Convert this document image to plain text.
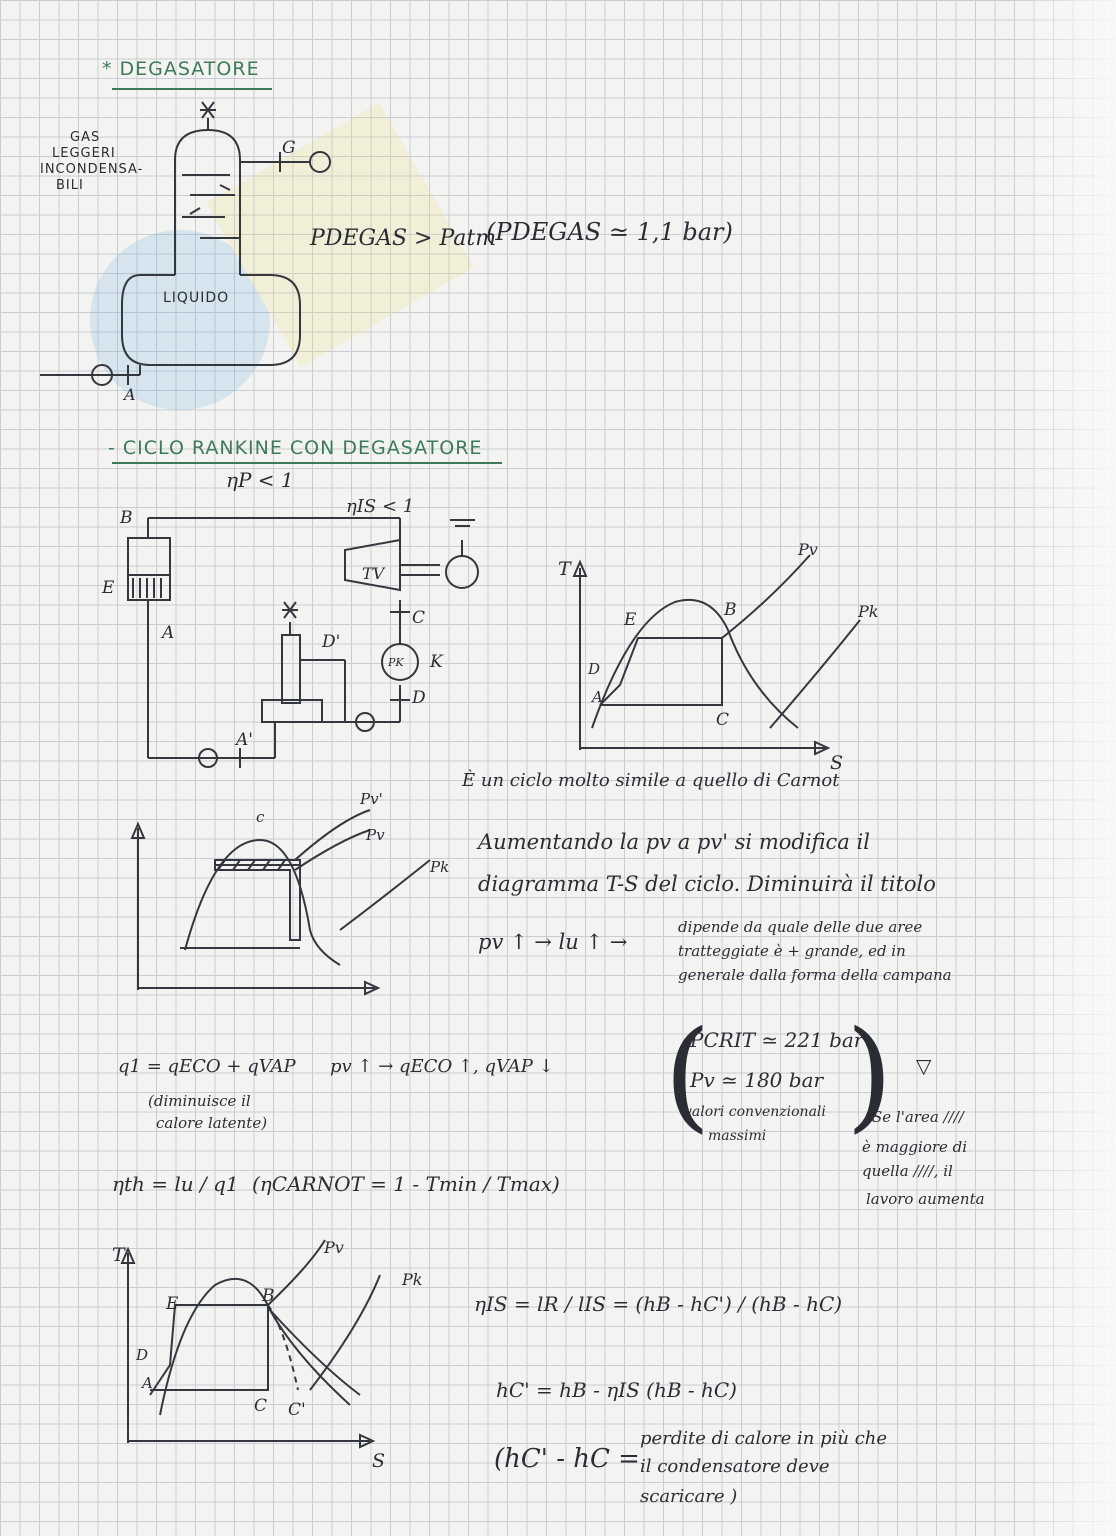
* DEGASATORE
GAS
LEGGERI
INCONDENSA-
BILI
LIQUIDO
G
A
PDEGAS > Patm
(PDEGAS ≃ 1,1 bar)
- CICLO RANKINE CON DEGASATORE
ηP < 1
ηIS < 1
B
E
A
A'
C
D'
D
K
TV
PK
T
S
E	B
C
D
A
Pv
Pk
È un ciclo molto simile a quello di Carnot
c
Pv'
Pv
Pk
Aumentando la pv a pv' si modifica il
diagramma T-S del ciclo. Diminuirà il titolo
pv ↑ → lu ↑ →
dipende da quale delle due aree
tratteggiate è + grande, ed in
generale dalla forma della campana
q1 = qECO + qVAP pv ↑ → qECO ↑, qVAP ↓
(diminuisce il
calore latente)	( )
PCRIT ≃ 221 bar
Pv ≃ 180 bar
valori convenzionali
massimi
▽
Se l'area ////
è maggiore di
quella ////, il
lavoro aumenta
ηth = lu / q1 (ηCARNOT = 1 - Tmin / Tmax)
T
S
E	B
D
A
C C'
Pv
Pk
ηIS = lR / lIS = (hB - hC') / (hB - hC)
hC' = hB - ηIS (hB - hC)
(hC' - hC =
perdite di calore in più che
il condensatore deve
scaricare )
